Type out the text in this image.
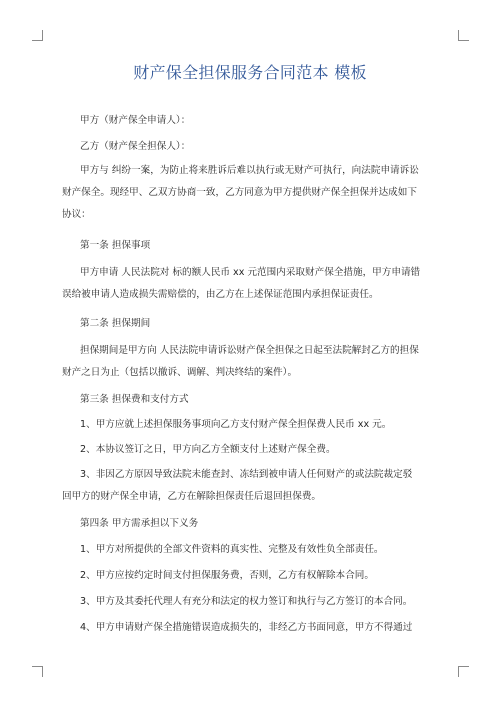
财产保全担保服务合同范本 模板

甲方（财产保全申请人）：

乙方（财产保全担保人）：

甲方与 纠纷一案，为防止将来胜诉后难以执行或无财产可执行，向法院申请诉讼
财产保全。现经甲、乙双方协商一致，乙方同意为甲方提供财产保全担保并达成如下
协议：

第一条 担保事项

甲方申请 人民法院对 标的额人民币 xx 元范围内采取财产保全措施，甲方申请错
误给被申请人造成损失需赔偿的，由乙方在上述保证范围内承担保证责任。

第二条 担保期间

担保期间是甲方向 人民法院申请诉讼财产保全担保之日起至法院解封乙方的担保
财产之日为止（包括以撤诉、调解、判决终结的案件）。

第三条 担保费和支付方式

1、甲方应就上述担保服务事项向乙方支付财产保全担保费人民币 xx 元。

2、本协议签订之日，甲方向乙方全额支付上述财产保全费。

3、非因乙方原因导致法院未能查封、冻结到被申请人任何财产的或法院裁定驳
回甲方的财产保全申请，乙方在解除担保责任后退回担保费。

第四条 甲方需承担以下义务

1、甲方对所提供的全部文件资料的真实性、完整及有效性负全部责任。

2、甲方应按约定时间支付担保服务费，否则，乙方有权解除本合同。

3、甲方及其委托代理人有充分和法定的权力签订和执行与乙方签订的本合同。

4、甲方申请财产保全措施错误造成损失的，非经乙方书面同意，甲方不得通过
